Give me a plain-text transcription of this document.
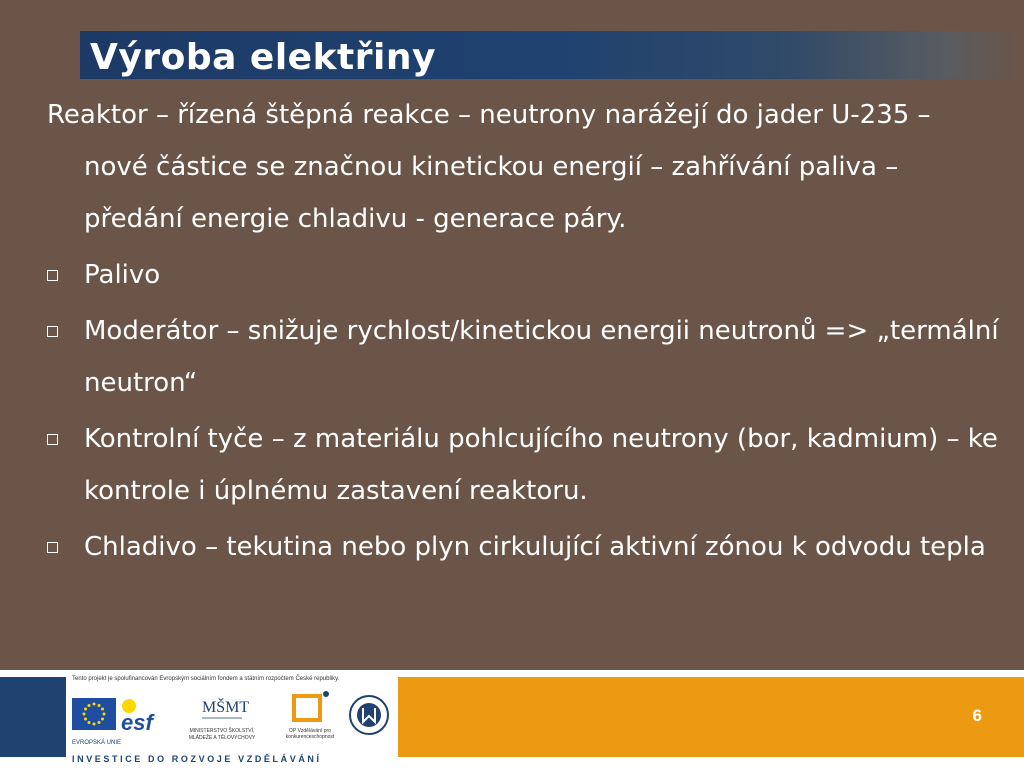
Výroba elektřiny

Reaktor – řízená štěpná reakce – neutrony narážejí do jader U-235 – nové částice se značnou kinetickou energií – zahřívání paliva – předání energie chladivu - generace páry.

Palivo
Moderátor – snižuje rychlost/kinetickou energii neutronů => „termální neutron“
Kontrolní tyče – z materiálu pohlcujícího neutrony (bor, kadmium) – ke kontrole i úplnému zastavení reaktoru.
Chladivo – tekutina nebo plyn cirkulující aktivní zónou k odvodu tepla
6
Tento projekt je spolufinancován Evropským sociálním fondem a státním rozpočtem České republiky.
EVROPSKÁ UNIE
esf
MŠMT
MINISTERSTVO ŠKOLSTVÍ, MLÁDEŽE A TĚLOVÝCHOVY
OP Vzdělávání pro konkurenceschopnost
INVESTICE DO ROZVOJE VZDĚLÁVÁNÍ
